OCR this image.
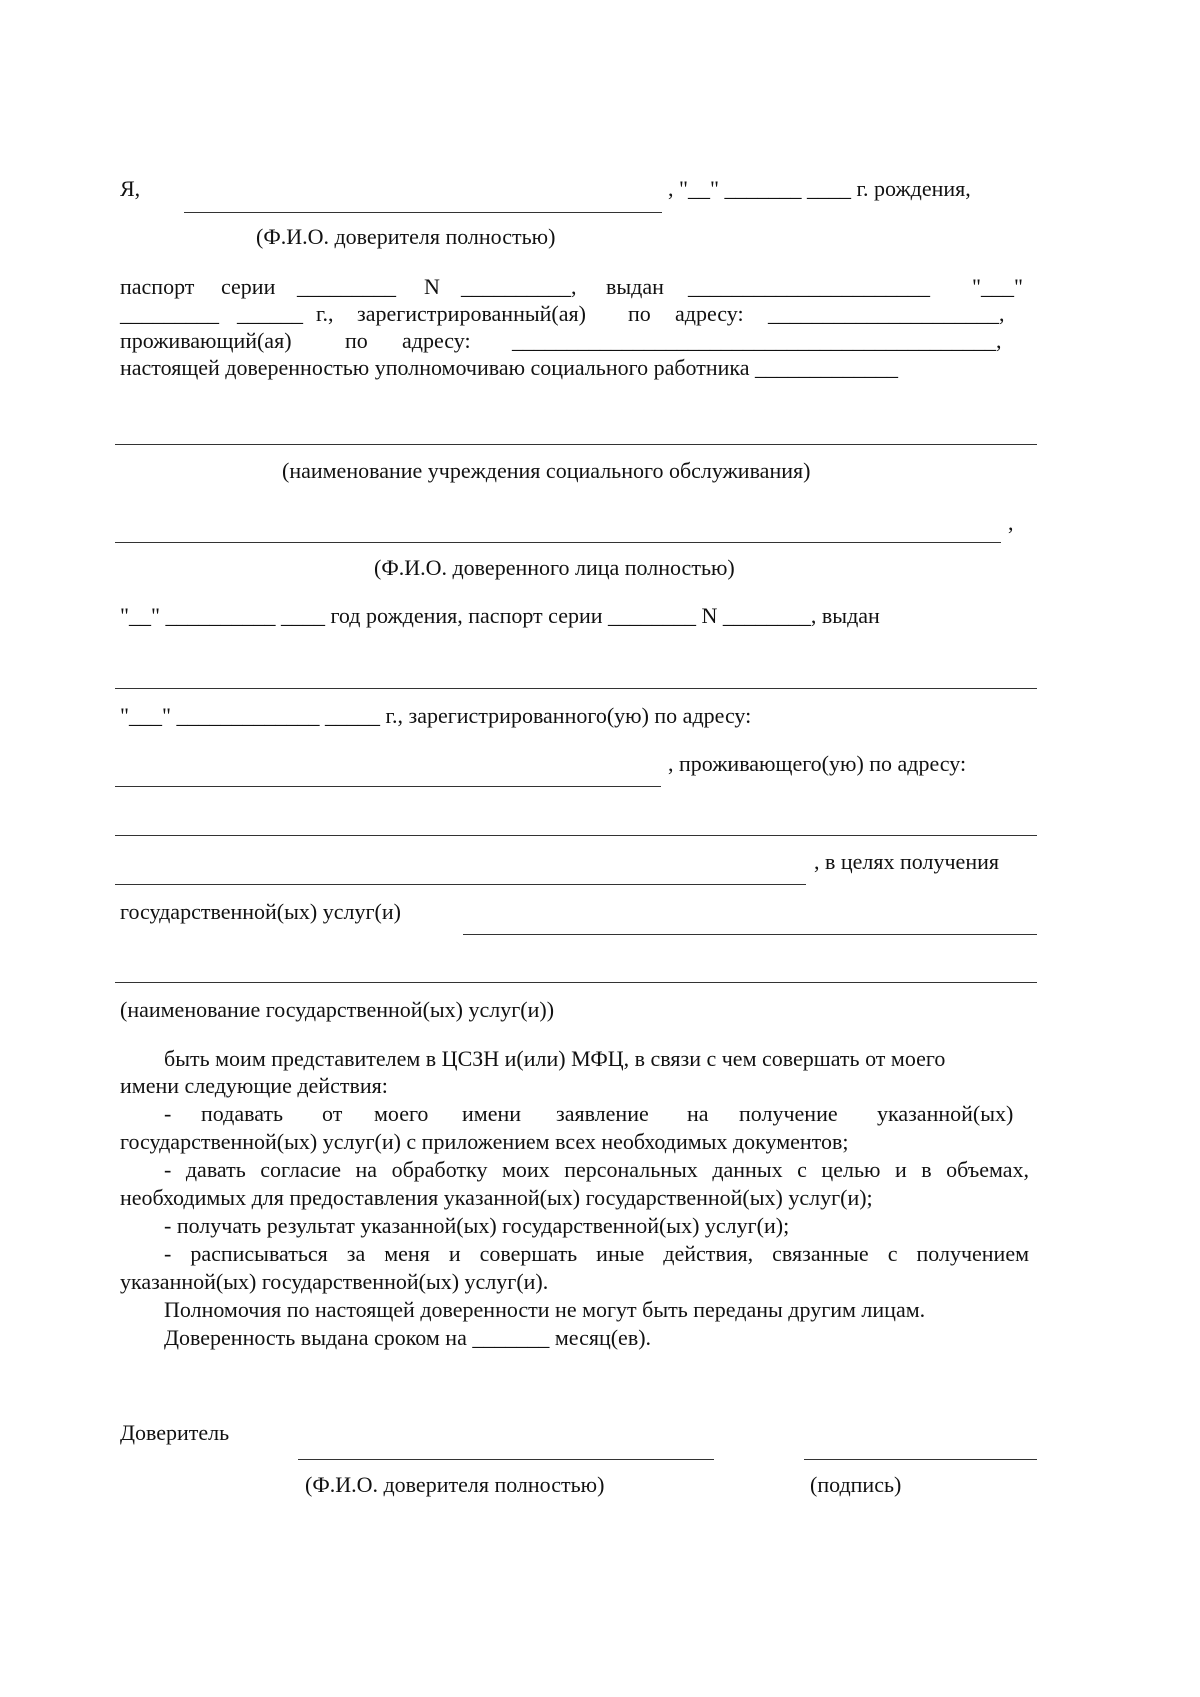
Я,	, "__" _______ ____ г. рождения,
(Ф.И.О. доверителя полностью)
паспорт серии _________ N __________, выдан ______________________ "___"
_________ ______ г., зарегистрированный(ая) по адресу: _____________________,
проживающий(ая) по адресу: ____________________________________________,
настоящей доверенностью уполномочиваю социального работника _____________
(наименование учреждения социального обслуживания)
,
(Ф.И.О. доверенного лица полностью)
"__" __________ ____ год рождения, паспорт серии ________ N ________, выдан
"___" _____________ _____ г., зарегистрированного(ую) по адресу:
, проживающего(ую) по адресу:
, в целях получения
государственной(ых) услуг(и)
(наименование государственной(ых) услуг(и))
быть моим представителем в ЦСЗН и(или) МФЦ, в связи с чем совершать от моего
имени следующие действия:
- подавать от моего имени заявление на получение указанной(ых)
государственной(ых) услуг(и) с приложением всех необходимых документов;
- давать согласие на обработку моих персональных данных с целью и в объемах,
необходимых для предоставления указанной(ых) государственной(ых) услуг(и);
- получать результат указанной(ых) государственной(ых) услуг(и);
- расписываться за меня и совершать иные действия, связанные с получением
указанной(ых) государственной(ых) услуг(и).
Полномочия по настоящей доверенности не могут быть переданы другим лицам.
Доверенность выдана сроком на _______ месяц(ев).
Доверитель
(Ф.И.О. доверителя полностью)	(подпись)
